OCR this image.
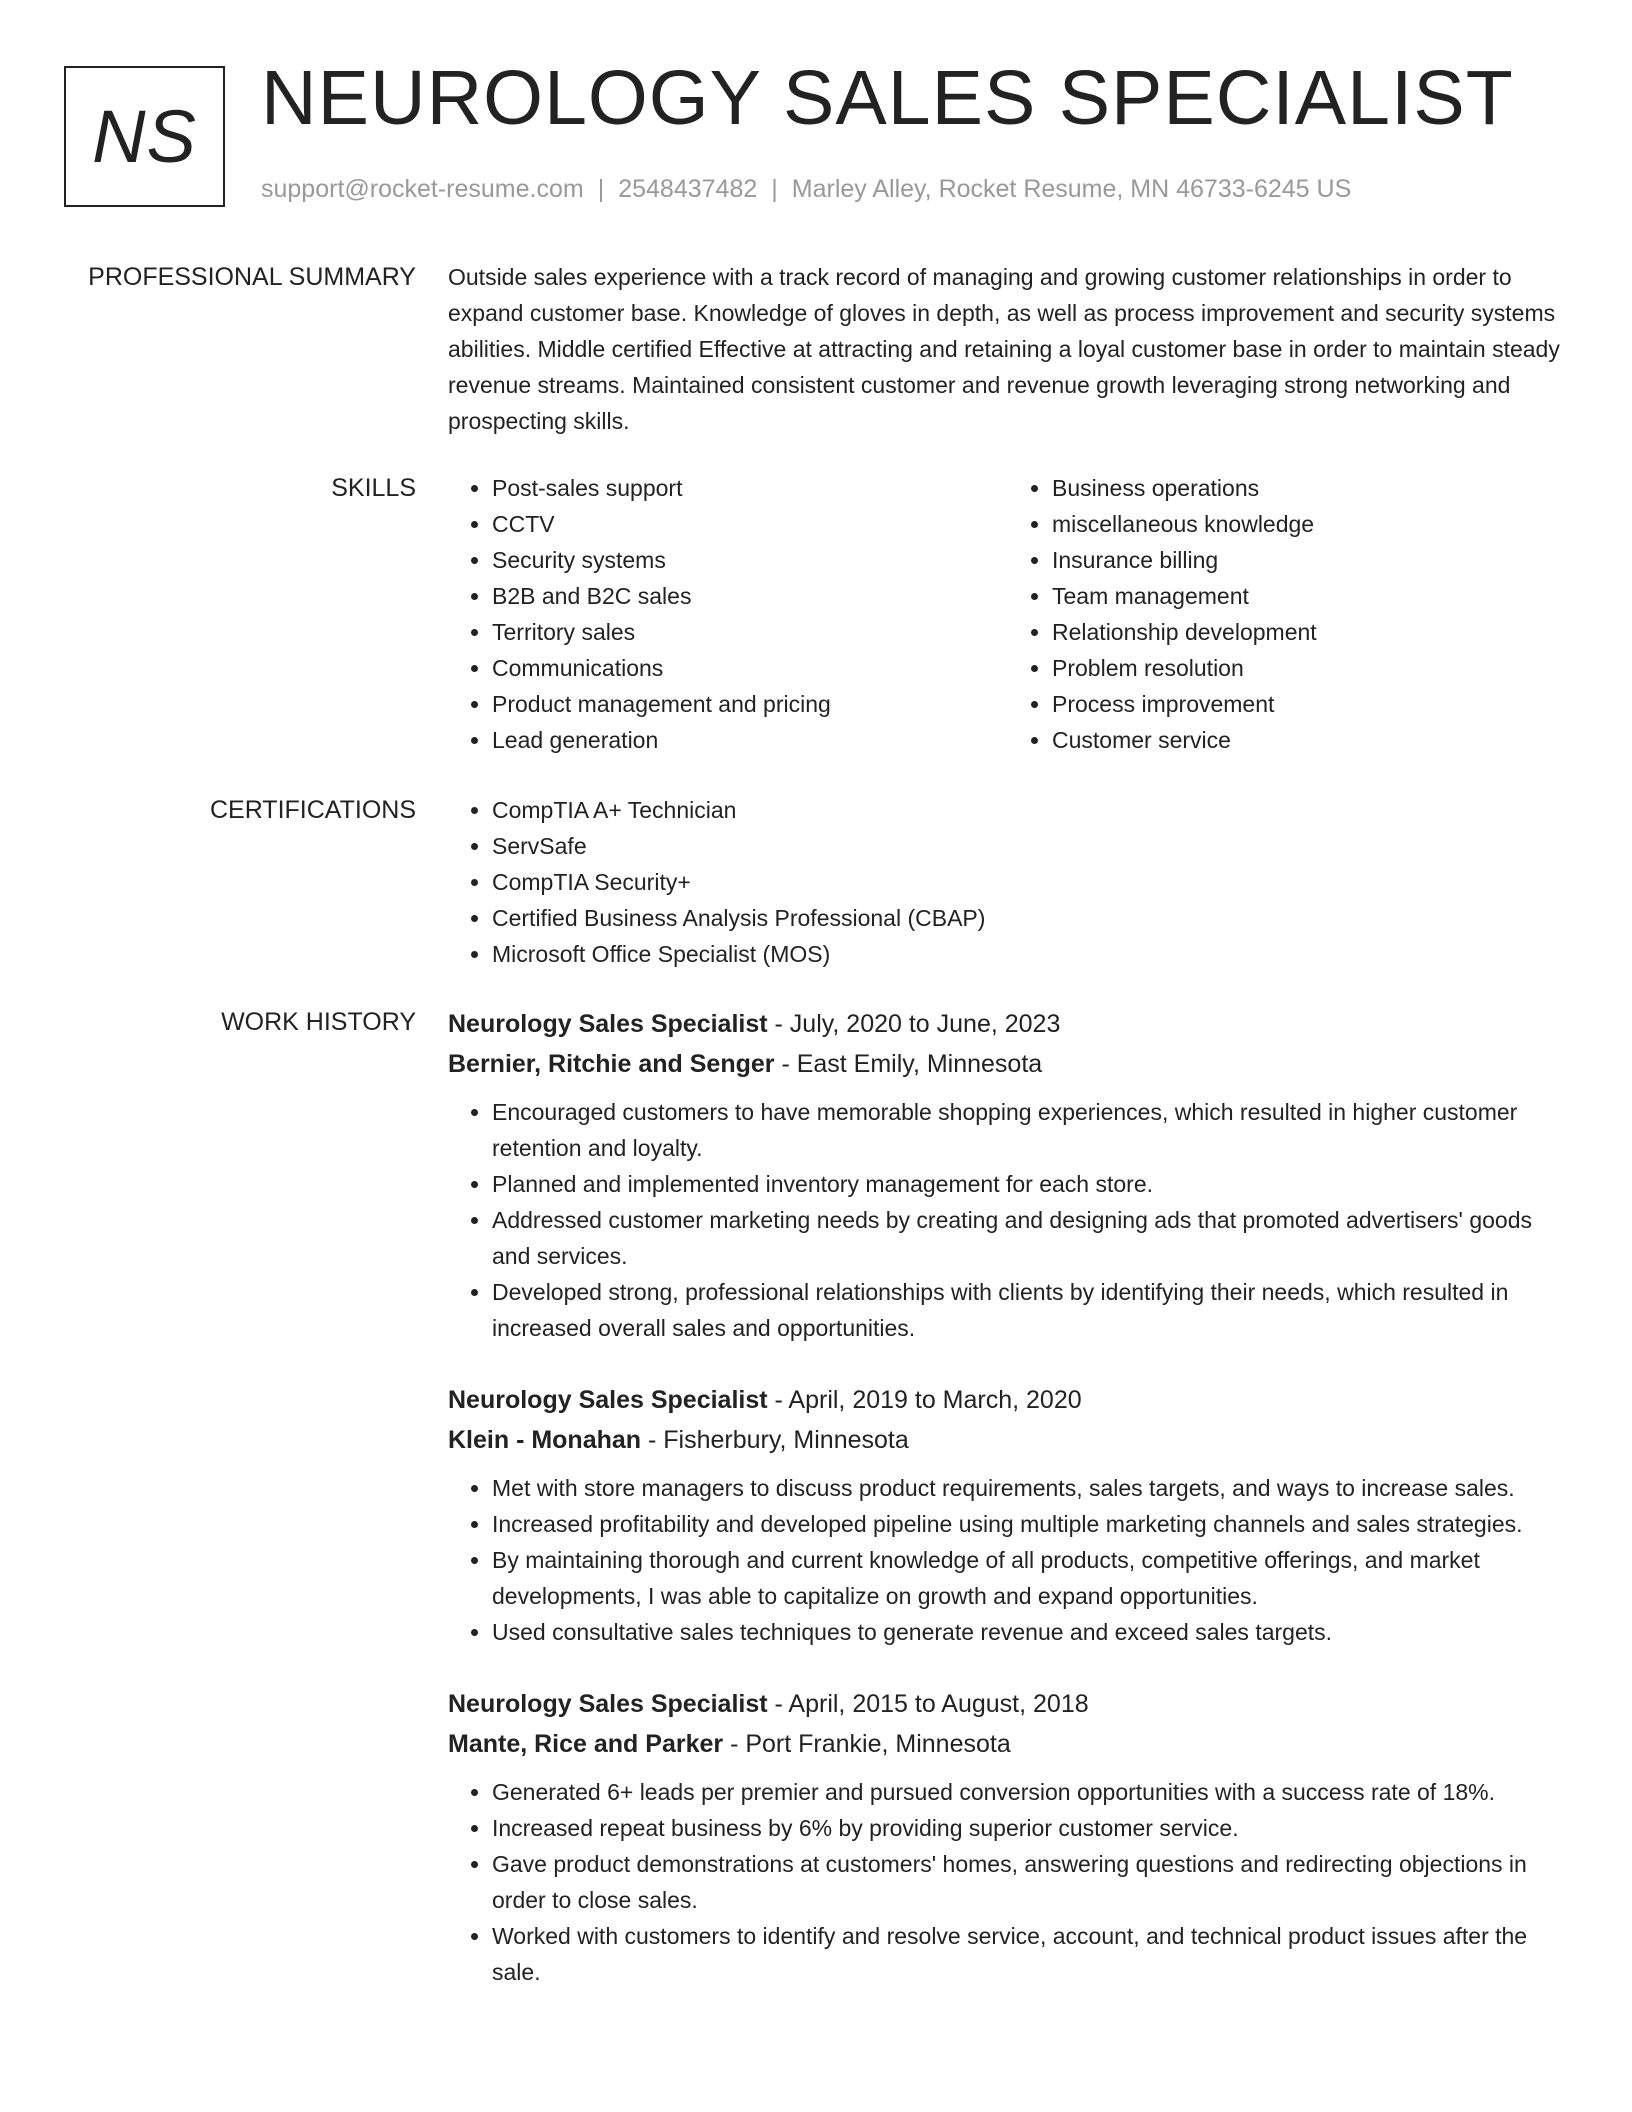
NS NEUROLOGY SALES SPECIALIST
support@rocket-resume.com | 2548437482 | Marley Alley, Rocket Resume, MN 46733-6245 US
PROFESSIONAL SUMMARY Outside sales experience with a track record of managing and growing customer relationships in order to expand customer base. Knowledge of gloves in depth, as well as process improvement and security systems abilities. Middle certified Effective at attracting and retaining a loyal customer base in order to maintain steady revenue streams. Maintained consistent customer and revenue growth leveraging strong networking and prospecting skills.

SKILLS	• Post-sales support
• CCTV
• Security systems
• B2B and B2C sales
• Territory sales
• Communications
• Product management and pricing
• Lead generation
• Business operations
• miscellaneous knowledge
• Insurance billing
• Team management
• Relationship development
• Problem resolution
• Process improvement
• Customer service
CERTIFICATIONS	• CompTIA A+ Technician
• ServSafe
• CompTIA Security+
• Certified Business Analysis Professional (CBAP)
• Microsoft Office Specialist (MOS)
WORK HISTORY Neurology Sales Specialist - July, 2020 to June, 2023
Bernier, Ritchie and Senger - East Emily, Minnesota
• Encouraged customers to have memorable shopping experiences, which resulted in higher customer retention and loyalty.
• Planned and implemented inventory management for each store.
• Addressed customer marketing needs by creating and designing ads that promoted advertisers' goods and services.
• Developed strong, professional relationships with clients by identifying their needs, which resulted in increased overall sales and opportunities.
Neurology Sales Specialist - April, 2019 to March, 2020
Klein - Monahan - Fisherbury, Minnesota
• Met with store managers to discuss product requirements, sales targets, and ways to increase sales.
• Increased profitability and developed pipeline using multiple marketing channels and sales strategies.
• By maintaining thorough and current knowledge of all products, competitive offerings, and market developments, I was able to capitalize on growth and expand opportunities.
• Used consultative sales techniques to generate revenue and exceed sales targets.
Neurology Sales Specialist - April, 2015 to August, 2018
Mante, Rice and Parker - Port Frankie, Minnesota
• Generated 6+ leads per premier and pursued conversion opportunities with a success rate of 18%.
• Increased repeat business by 6% by providing superior customer service.
• Gave product demonstrations at customers' homes, answering questions and redirecting objections in order to close sales.
• Worked with customers to identify and resolve service, account, and technical product issues after the sale.
